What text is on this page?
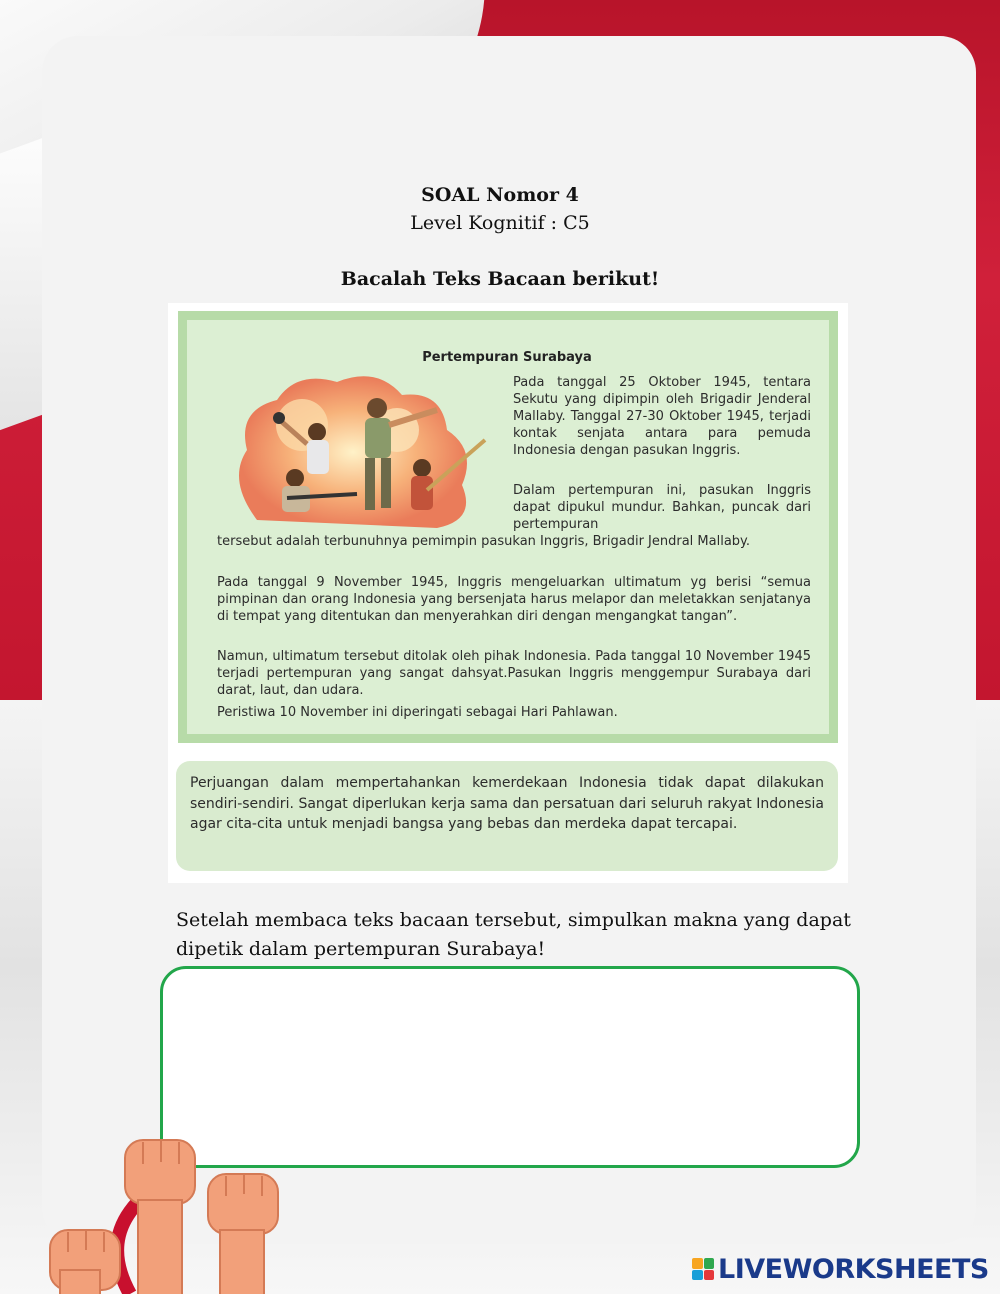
SOAL Nomor 4
Level Kognitif : C5
Bacalah Teks Bacaan berikut!
Pertempuran Surabaya

Pada tanggal 25 Oktober 1945, tentara Sekutu yang dipimpin oleh Brigadir Jenderal Mallaby. Tanggal 27-30 Oktober 1945, terjadi kontak senjata antara para pemuda Indonesia dengan pasukan Inggris.

Dalam pertempuran ini, pasukan Inggris dapat dipukul mundur. Bahkan, puncak dari pertempuran

tersebut adalah terbunuhnya pemimpin pasukan Inggris, Brigadir Jendral Mallaby.

Pada tanggal 9 November 1945, Inggris mengeluarkan ultimatum yg berisi “semua pimpinan dan orang Indonesia yang bersenjata harus melapor dan meletakkan senjatanya di tempat yang ditentukan dan menyerahkan diri dengan mengangkat tangan”.

Namun, ultimatum tersebut ditolak oleh pihak Indonesia. Pada tanggal 10 November 1945 terjadi pertempuran yang sangat dahsyat.Pasukan Inggris menggempur Surabaya dari darat, laut, dan udara.

Peristiwa 10 November ini diperingati sebagai Hari Pahlawan.

Perjuangan dalam mempertahankan kemerdekaan Indonesia tidak dapat dilakukan sendiri-sendiri. Sangat diperlukan kerja sama dan persatuan dari seluruh rakyat Indonesia agar cita-cita untuk menjadi bangsa yang bebas dan merdeka dapat tercapai.
Setelah membaca teks bacaan tersebut, simpulkan makna yang dapat dipetik dalam pertempuran Surabaya!
LIVEWORKSHEETS
